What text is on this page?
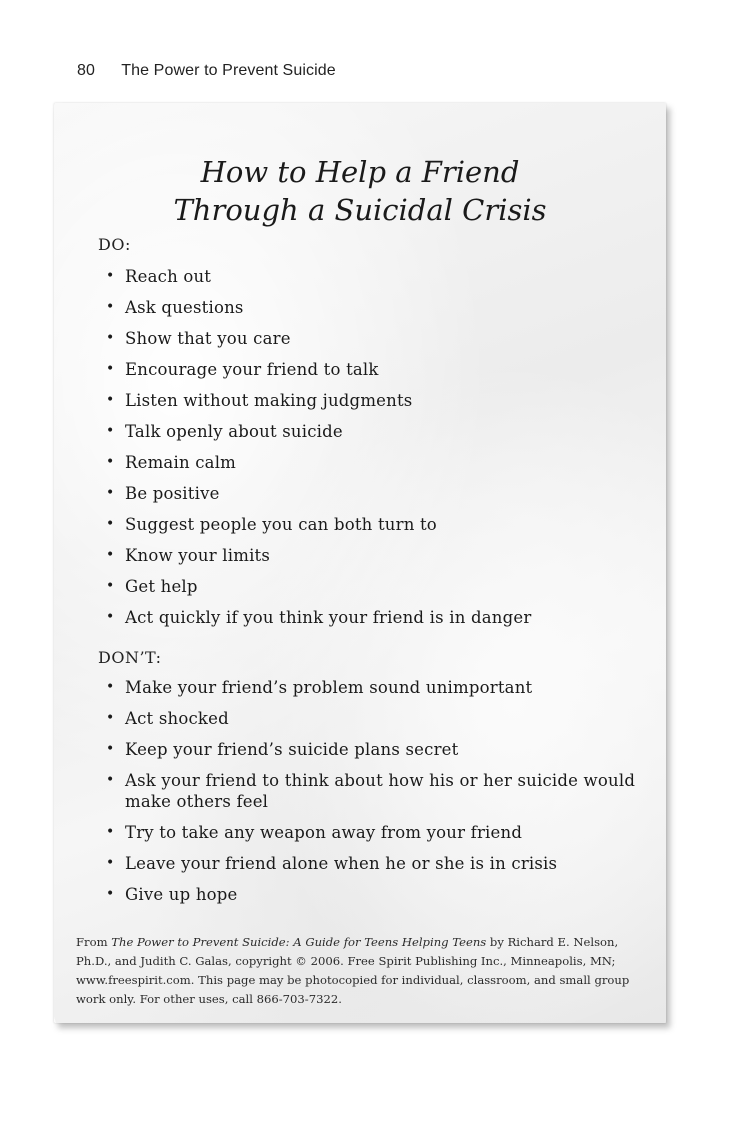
80 The Power to Prevent Suicide
How to Help a Friend
Through a Suicidal Crisis
DO:
• Reach out
• Ask questions
• Show that you care
• Encourage your friend to talk
• Listen without making judgments
• Talk openly about suicide
• Remain calm
• Be positive
• Suggest people you can both turn to
• Know your limits
• Get help
• Act quickly if you think your friend is in danger
DON’T:
• Make your friend’s problem sound unimportant
• Act shocked
• Keep your friend’s suicide plans secret
• Ask your friend to think about how his or her suicide would make others feel
• Try to take any weapon away from your friend
• Leave your friend alone when he or she is in crisis
• Give up hope
From The Power to Prevent Suicide: A Guide for Teens Helping Teens by Richard E. Nelson, Ph.D., and Judith C. Galas, copyright © 2006. Free Spirit Publishing Inc., Minneapolis, MN; www.freespirit.com. This page may be photocopied for individual, classroom, and small group work only. For other uses, call 866-703-7322.
